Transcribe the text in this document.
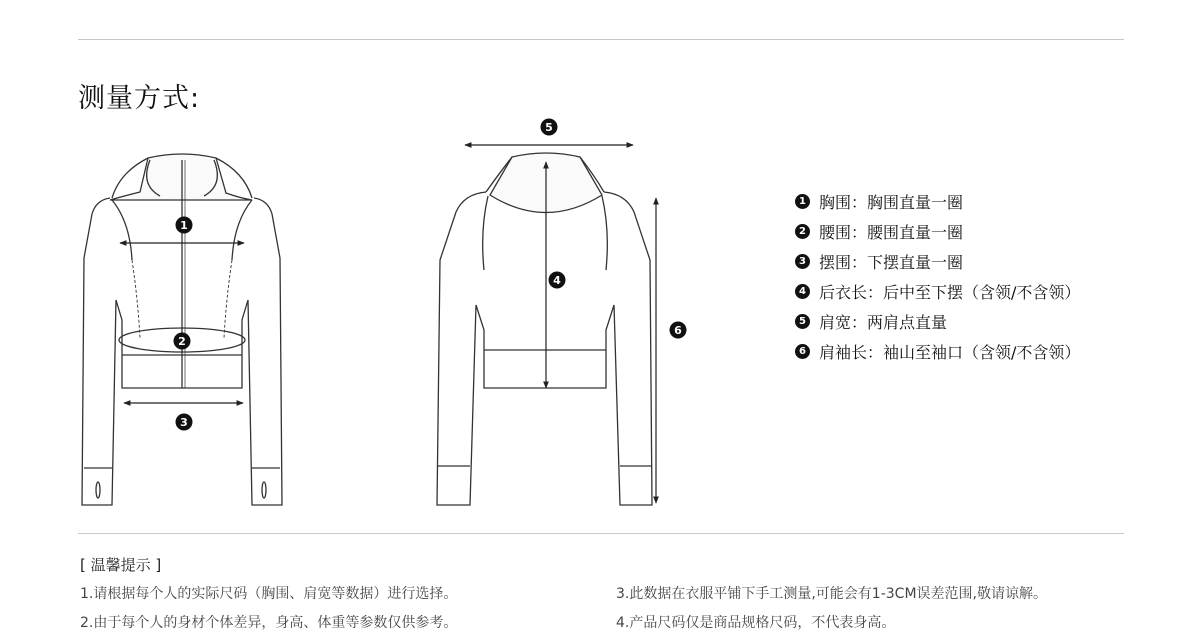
测量方式:
1
2
3
4
5
6
1 胸围：胸围直量一圈
2 腰围：腰围直量一圈
3 摆围：下摆直量一圈
4 后衣长：后中至下摆（含领/不含领）
5 肩宽：两肩点直量
6 肩袖长：袖山至袖口（含领/不含领）
[ 温馨提示 ]
1.请根据每个人的实际尺码（胸围、肩宽等数据）进行选择。
2.由于每个人的身材个体差异，身高、体重等参数仅供参考。
3.此数据在衣服平铺下手工测量,可能会有1-3CM误差范围,敬请谅解。
4.产品尺码仅是商品规格尺码，不代表身高。
